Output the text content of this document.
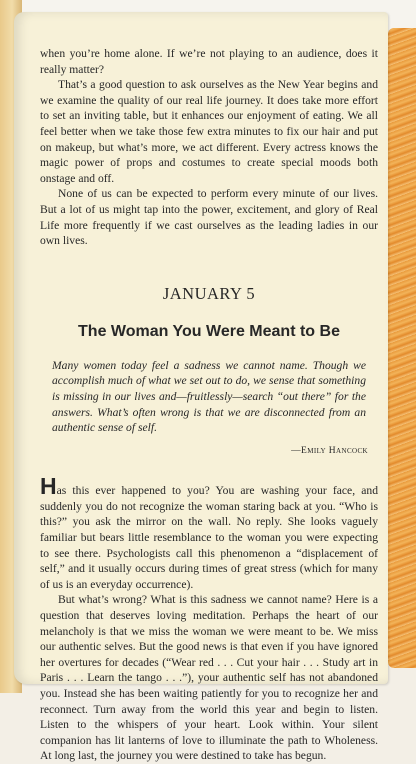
when you’re home alone. If we’re not playing to an audience, does it really matter?

That’s a good question to ask ourselves as the New Year begins and we examine the quality of our real life journey. It does take more effort to set an inviting table, but it enhances our enjoyment of eating. We all feel better when we take those few extra minutes to fix our hair and put on makeup, but what’s more, we act different. Every actress knows the magic power of props and costumes to create special moods both onstage and off.

None of us can be expected to perform every minute of our lives. But a lot of us might tap into the power, excitement, and glory of Real Life more frequently if we cast ourselves as the leading ladies in our own lives.

JANUARY 5
The Woman You Were Meant to Be

Many women today feel a sadness we cannot name. Though we accomplish much of what we set out to do, we sense that something is missing in our lives and—fruitlessly—search “out there” for the answers. What’s often wrong is that we are disconnected from an authentic sense of self.

—Emily Hancock

Has this ever happened to you? You are washing your face, and suddenly you do not recognize the woman staring back at you. “Who is this?” you ask the mirror on the wall. No reply. She looks vaguely familiar but bears little resemblance to the woman you were expecting to see there. Psychologists call this phenomenon a “displacement of self,” and it usually occurs during times of great stress (which for many of us is an everyday occurrence).

But what’s wrong? What is this sadness we cannot name? Here is a question that deserves loving meditation. Perhaps the heart of our melancholy is that we miss the woman we were meant to be. We miss our authentic selves. But the good news is that even if you have ignored her overtures for decades (“Wear red . . . Cut your hair . . . Study art in Paris . . . Learn the tango . . .”), your authentic self has not abandoned you. Instead she has been waiting patiently for you to recognize her and reconnect. Turn away from the world this year and begin to listen. Listen to the whispers of your heart. Look within. Your silent companion has lit lanterns of love to illuminate the path to Wholeness. At long last, the journey you were destined to take has begun.
